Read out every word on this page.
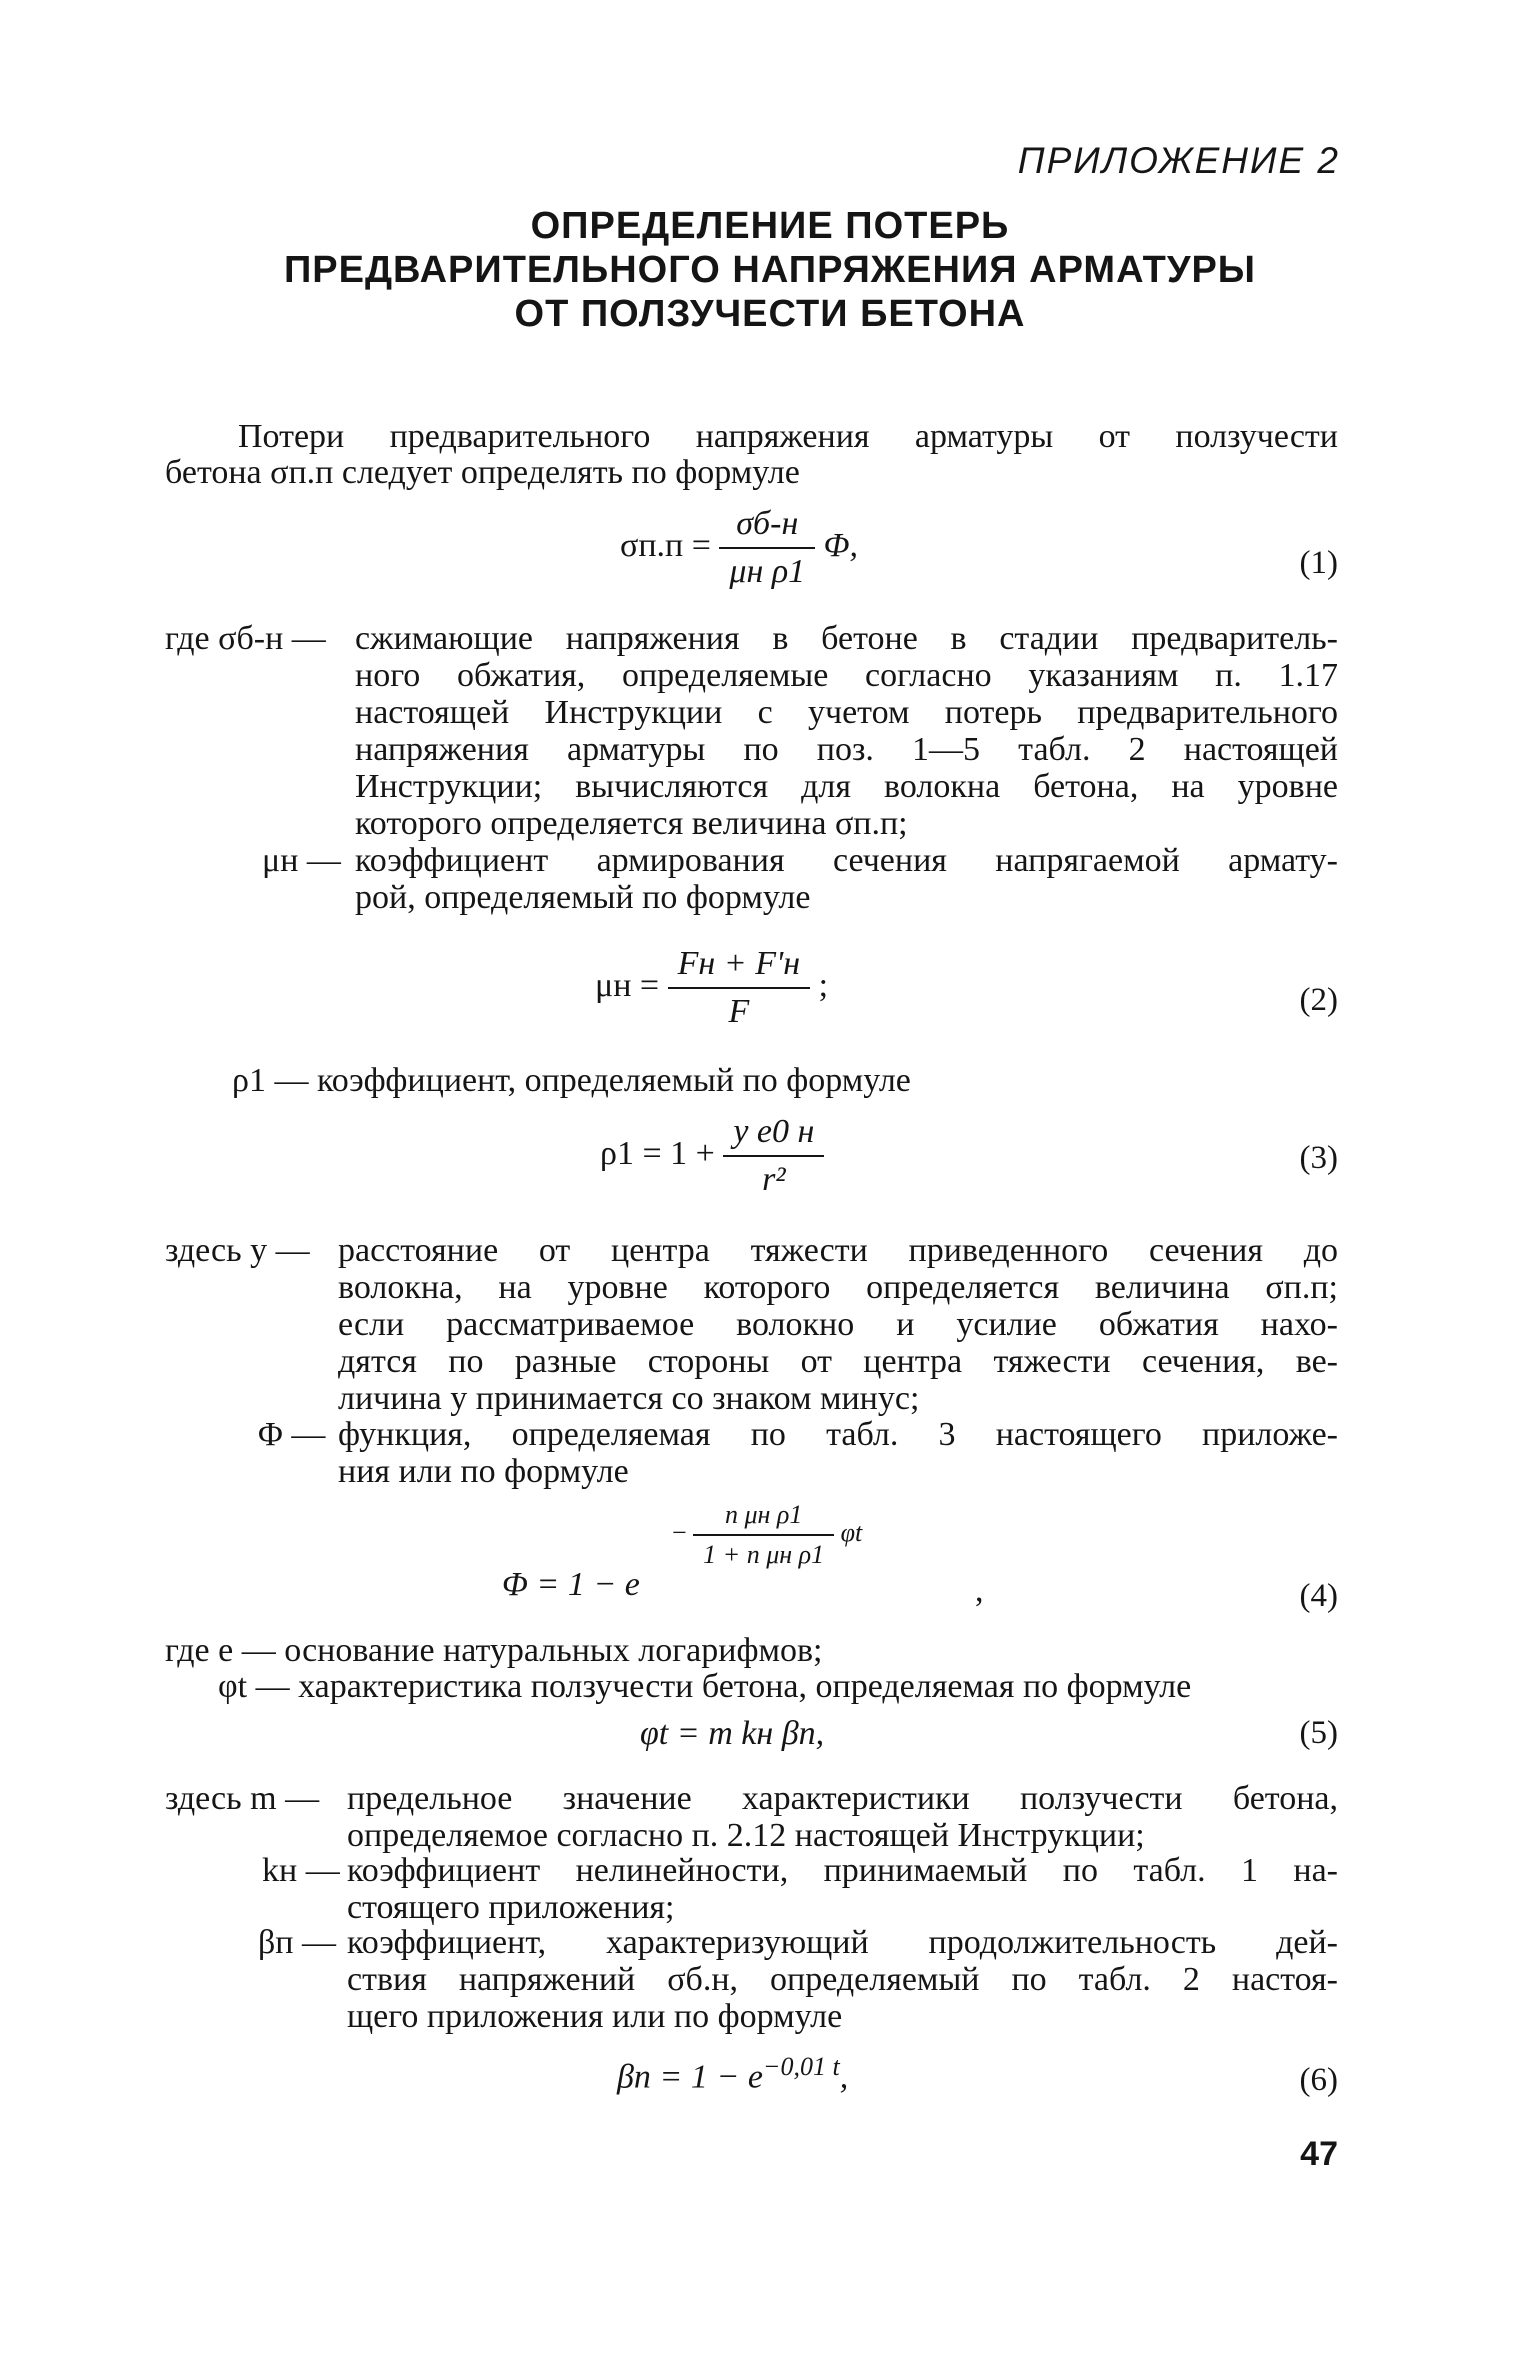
ПРИЛОЖЕНИЕ 2
ОПРЕДЕЛЕНИЕ ПОТЕРЬ
ПРЕДВАРИТЕЛЬНОГО НАПРЯЖЕНИЯ АРМАТУРЫ
ОТ ПОЛЗУЧЕСТИ БЕТОНА

Потери предварительного напряжения арматуры от ползучести

бетона σп.п следует определять по формуле

$\sigma п.п = \frac{\sigma б-н}{\text{μн ρ1}} \Phi$,	(1)

где σб-н — сжимающие напряжения в бетоне в стадии предваритель-
ного обжатия, определяемые согласно указаниям п. 1.17
настоящей Инструкции с учетом потерь предварительного
напряжения арматуры по поз. 1—5 табл. 2 настоящей
Инструкции; вычисляются для волокна бетона, на уровне
которого определяется величина σп.п;

μн — коэффициент армирования сечения напрягаемой армату-
рой, определяемый по формуле
$\mu н = \frac{Fн + F'н}{F}$ ;	(2)

ρ1 — коэффициент, определяемый по формуле

$\rho 1 = 1 + \frac{\text{y e0 н}}{\text{r²}}$	(3)

здесь y — расстояние от центра тяжести приведенного сечения до
волокна, на уровне которого определяется величина σп.п;
если рассматриваемое волокно и усилие обжатия нахо-
дятся по разные стороны от центра тяжести сечения, ве-
личина y принимается со знаком минус;

Φ — функция, определяемая по табл. 3 настоящего приложе-
ния или по формуле
− $\frac{\text{n μн ρ1}}{\text{1 + n μн ρ1}}$ φt
Φ = 1 − e	,	(4)

где e — основание натуральных логарифмов;

φt — характеристика ползучести бетона, определяемая по формуле

φt = m kн βп,	(5)

здесь m — предельное значение характеристики ползучести бетона,
определяемое согласно п. 2.12 настоящей Инструкции;

kн — коэффициент нелинейности, принимаемый по табл. 1 на-
стоящего приложения;

βп — коэффициент, характеризующий продолжительность дей-
ствия напряжений σб.н, определяемый по табл. 2 настоя-
щего приложения или по формуле
$\beta п = 1 - e^{-0,01 t}$,	(6)
47
